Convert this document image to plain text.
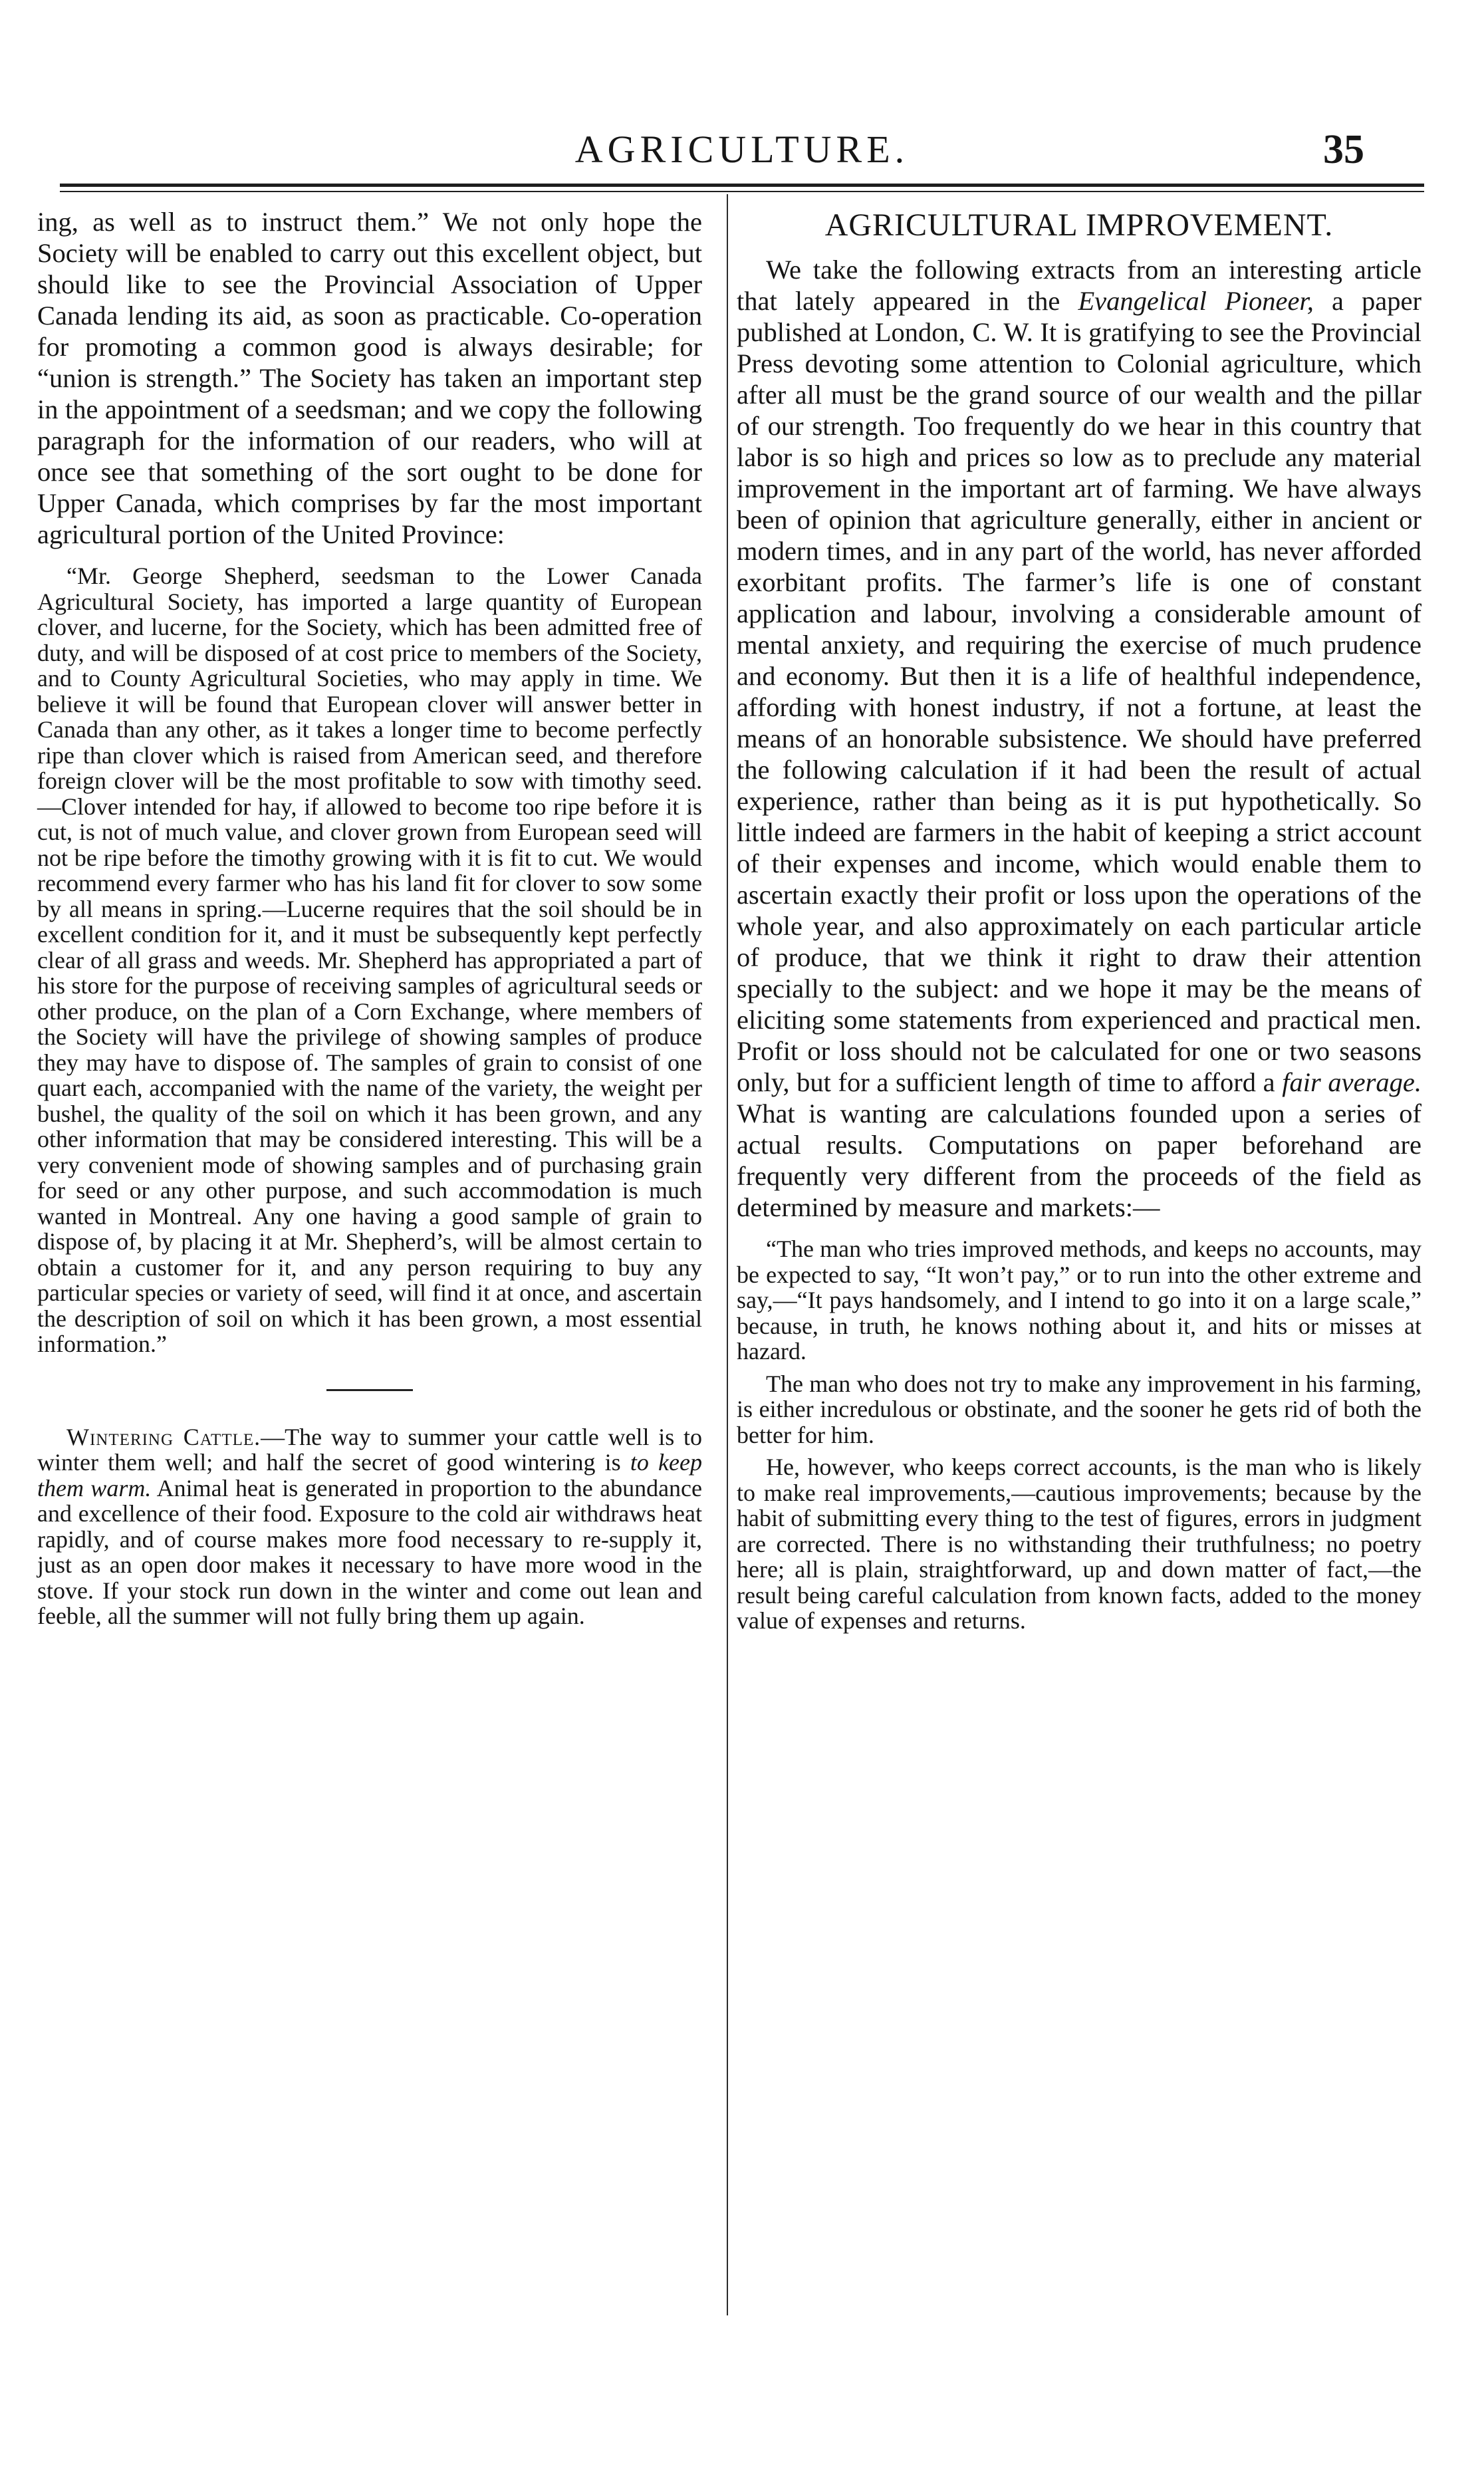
AGRICULTURE.	35

ing, as well as to instruct them.” We not only hope the Society will be enabled to carry out this excellent object, but should like to see the Provincial Association of Upper Canada lending its aid, as soon as practicable. Co-operation for promoting a common good is always desirable; for “union is strength.” The Society has taken an important step in the appointment of a seedsman; and we copy the following paragraph for the information of our readers, who will at once see that something of the sort ought to be done for Upper Canada, which comprises by far the most important agricultural portion of the United Province:

“Mr. George Shepherd, seedsman to the Lower Canada Agricultural Society, has imported a large quantity of European clover, and lucerne, for the Society, which has been admitted free of duty, and will be disposed of at cost price to members of the Society, and to County Agricultural Societies, who may apply in time. We believe it will be found that European clover will answer better in Canada than any other, as it takes a longer time to become perfectly ripe than clover which is raised from American seed, and therefore foreign clover will be the most profitable to sow with timothy seed.—Clover intended for hay, if allowed to become too ripe before it is cut, is not of much value, and clover grown from European seed will not be ripe before the timothy growing with it is fit to cut. We would recommend every farmer who has his land fit for clover to sow some by all means in spring.—Lucerne requires that the soil should be in excellent condition for it, and it must be subsequently kept perfectly clear of all grass and weeds. Mr. Shepherd has appropriated a part of his store for the purpose of receiving samples of agricultural seeds or other produce, on the plan of a Corn Exchange, where members of the Society will have the privilege of showing samples of produce they may have to dispose of. The samples of grain to consist of one quart each, accompanied with the name of the variety, the weight per bushel, the quality of the soil on which it has been grown, and any other information that may be considered interesting. This will be a very convenient mode of showing samples and of purchasing grain for seed or any other purpose, and such accommodation is much wanted in Montreal. Any one having a good sample of grain to dispose of, by placing it at Mr. Shepherd’s, will be almost certain to obtain a customer for it, and any person requiring to buy any particular species or variety of seed, will find it at once, and ascertain the description of soil on which it has been grown, a most essential information.”

Wintering Cattle.—The way to summer your cattle well is to winter them well; and half the secret of good wintering is to keep them warm. Animal heat is generated in proportion to the abundance and excellence of their food. Exposure to the cold air withdraws heat rapidly, and of course makes more food necessary to re-supply it, just as an open door makes it necessary to have more wood in the stove. If your stock run down in the winter and come out lean and feeble, all the summer will not fully bring them up again.

AGRICULTURAL IMPROVEMENT.

We take the following extracts from an interesting article that lately appeared in the Evangelical Pioneer, a paper published at London, C. W. It is gratifying to see the Provincial Press devoting some attention to Colonial agriculture, which after all must be the grand source of our wealth and the pillar of our strength. Too frequently do we hear in this country that labor is so high and prices so low as to preclude any material improvement in the important art of farming. We have always been of opinion that agriculture generally, either in ancient or modern times, and in any part of the world, has never afforded exorbitant profits. The farmer’s life is one of constant application and labour, involving a considerable amount of mental anxiety, and requiring the exercise of much prudence and economy. But then it is a life of healthful independence, affording with honest industry, if not a fortune, at least the means of an honorable subsistence. We should have preferred the following calculation if it had been the result of actual experience, rather than being as it is put hypothetically. So little indeed are farmers in the habit of keeping a strict account of their expenses and income, which would enable them to ascertain exactly their profit or loss upon the operations of the whole year, and also approximately on each particular article of produce, that we think it right to draw their attention specially to the subject: and we hope it may be the means of eliciting some statements from experienced and practical men. Profit or loss should not be calculated for one or two seasons only, but for a sufficient length of time to afford a fair average. What is wanting are calculations founded upon a series of actual results. Computations on paper beforehand are frequently very different from the proceeds of the field as determined by measure and markets:—

“The man who tries improved methods, and keeps no accounts, may be expected to say, “It won’t pay,” or to run into the other extreme and say,—“It pays handsomely, and I intend to go into it on a large scale,” because, in truth, he knows nothing about it, and hits or misses at hazard.

The man who does not try to make any improvement in his farming, is either incredulous or obstinate, and the sooner he gets rid of both the better for him.

He, however, who keeps correct accounts, is the man who is likely to make real improvements,—cautious improvements; because by the habit of submitting every thing to the test of figures, errors in judgment are corrected. There is no withstanding their truthfulness; no poetry here; all is plain, straightforward, up and down matter of fact,—the result being careful calculation from known facts, added to the money value of expenses and returns.
